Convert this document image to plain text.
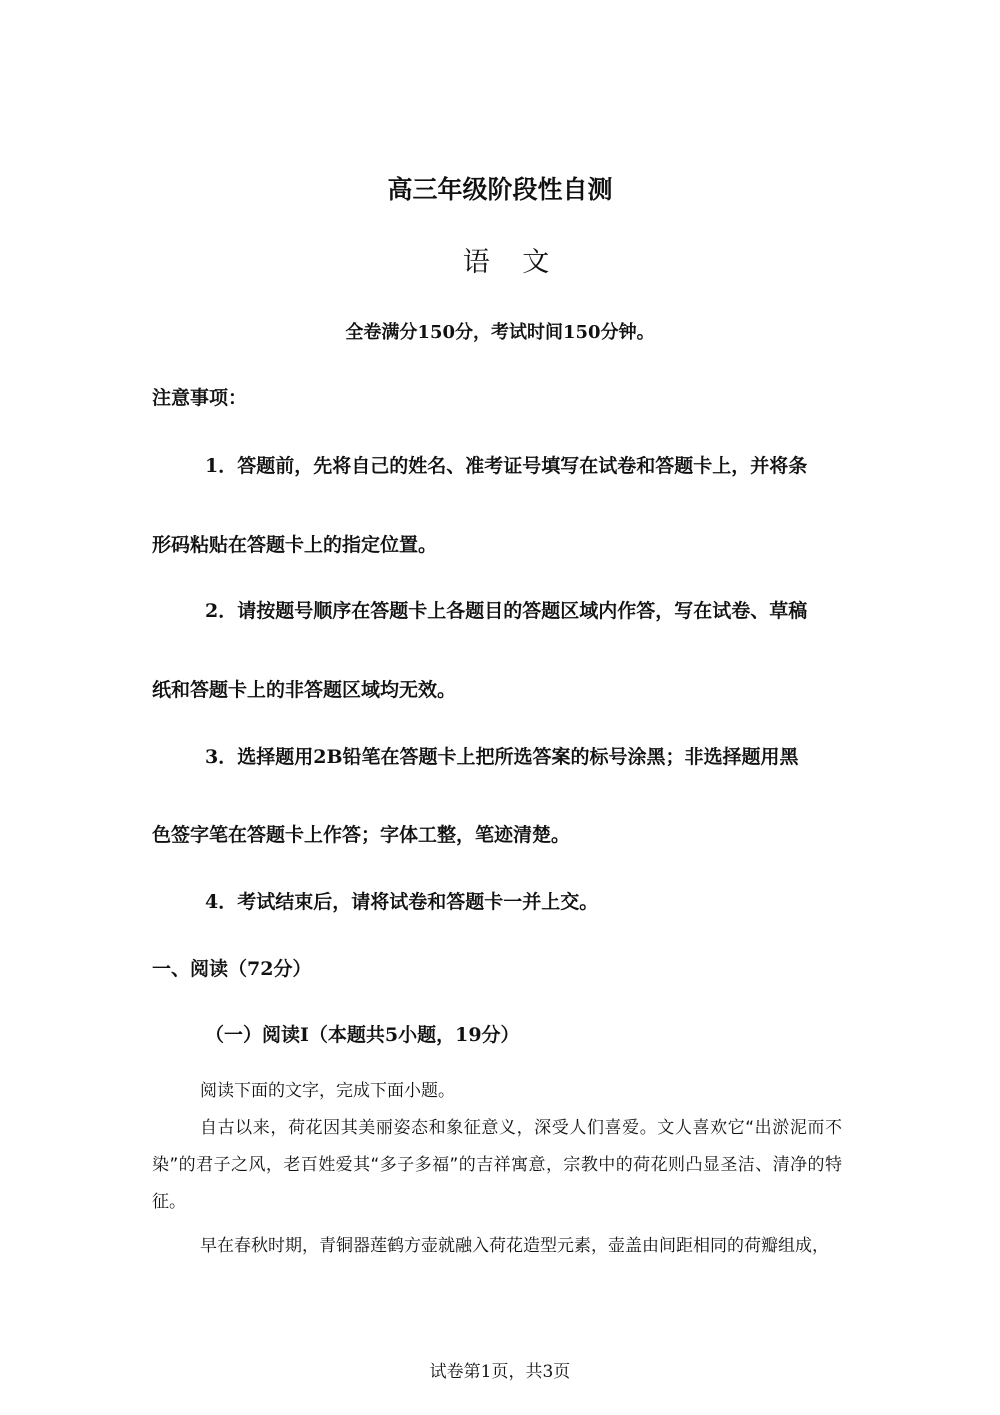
高三年级阶段性自测
语 文
全卷满分150分，考试时间150分钟。
注意事项：
1．答题前，先将自己的姓名、准考证号填写在试卷和答题卡上，并将条
形码粘贴在答题卡上的指定位置。
2．请按题号顺序在答题卡上各题目的答题区域内作答，写在试卷、草稿
纸和答题卡上的非答题区域均无效。
3．选择题用2B铅笔在答题卡上把所选答案的标号涂黑；非选择题用黑
色签字笔在答题卡上作答；字体工整，笔迹清楚。
4．考试结束后，请将试卷和答题卡一并上交。
一、阅读（72分）
（一）阅读Ⅰ（本题共5小题，19分）
阅读下面的文字，完成下面小题。
自古以来，荷花因其美丽姿态和象征意义，深受人们喜爱。文人喜欢它“出淤泥而不染”的君子之风，老百姓爱其“多子多福”的吉祥寓意，宗教中的荷花则凸显圣洁、清净的特征。
早在春秋时期，青铜器莲鹤方壶就融入荷花造型元素，壶盖由间距相同的荷瓣组成，
试卷第1页，共3页
